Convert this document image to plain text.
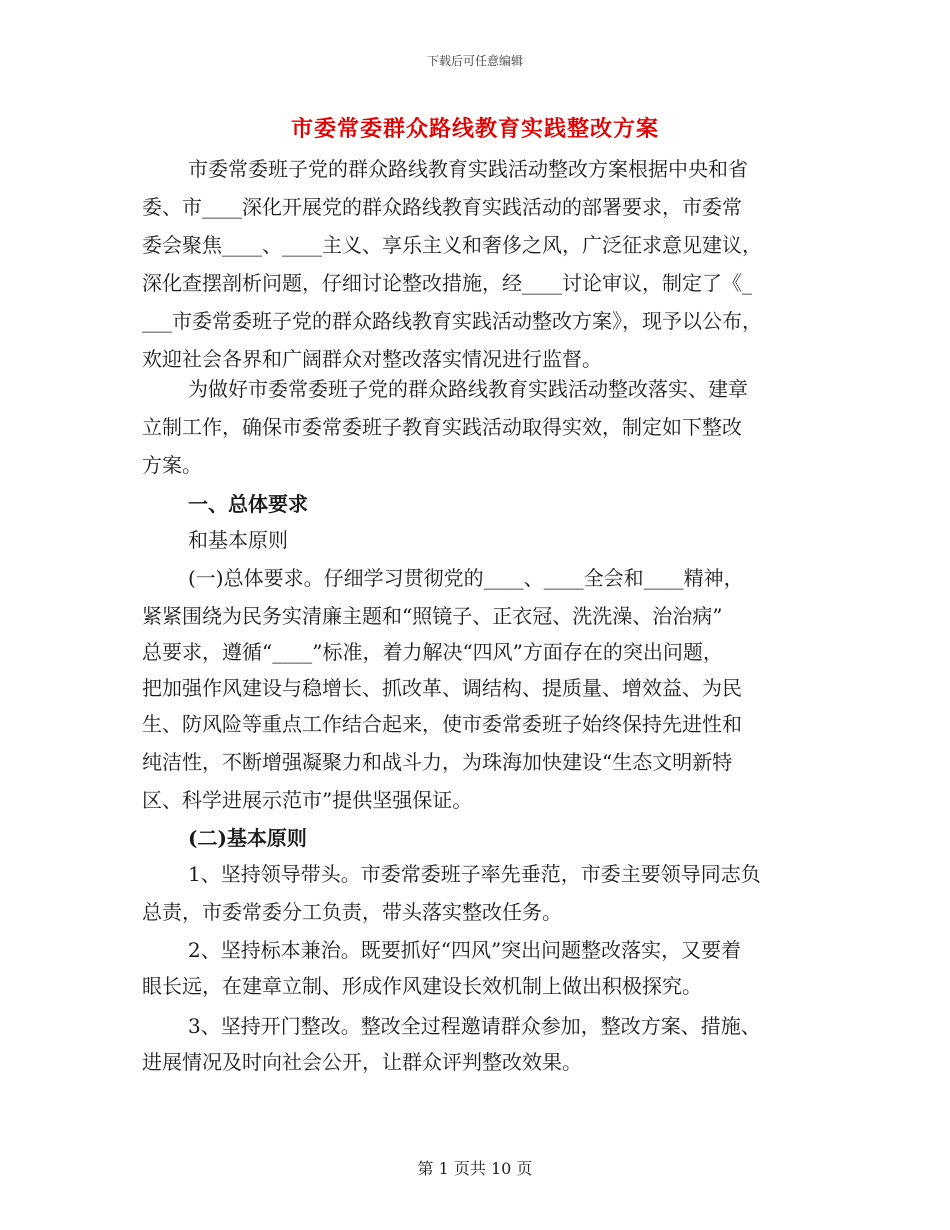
下载后可任意编辑
市委常委群众路线教育实践整改方案
市委常委班子党的群众路线教育实践活动整改方案根据中央和省
委、市____深化开展党的群众路线教育实践活动的部署要求，市委常
委会聚焦____、____主义、享乐主义和奢侈之风，广泛征求意见建议，
深化查摆剖析问题，仔细讨论整改措施，经____讨论审议，制定了《_
___市委常委班子党的群众路线教育实践活动整改方案》，现予以公布，
欢迎社会各界和广阔群众对整改落实情况进行监督。
为做好市委常委班子党的群众路线教育实践活动整改落实、建章
立制工作，确保市委常委班子教育实践活动取得实效，制定如下整改
方案。
一、总体要求
和基本原则
(一)总体要求。仔细学习贯彻党的____、____全会和____精神，
紧紧围绕为民务实清廉主题和“照镜子、正衣冠、洗洗澡、治治病”
总要求，遵循“____”标准，着力解决“四风”方面存在的突出问题，
把加强作风建设与稳增长、抓改革、调结构、提质量、增效益、为民
生、防风险等重点工作结合起来，使市委常委班子始终保持先进性和
纯洁性，不断增强凝聚力和战斗力，为珠海加快建设“生态文明新特
区、科学进展示范市”提供坚强保证。
(二)基本原则
1、坚持领导带头。市委常委班子率先垂范，市委主要领导同志负
总责，市委常委分工负责，带头落实整改任务。
2、坚持标本兼治。既要抓好“四风”突出问题整改落实，又要着
眼长远，在建章立制、形成作风建设长效机制上做出积极探究。
3、坚持开门整改。整改全过程邀请群众参加，整改方案、措施、
进展情况及时向社会公开，让群众评判整改效果。
第 1 页共 10 页
